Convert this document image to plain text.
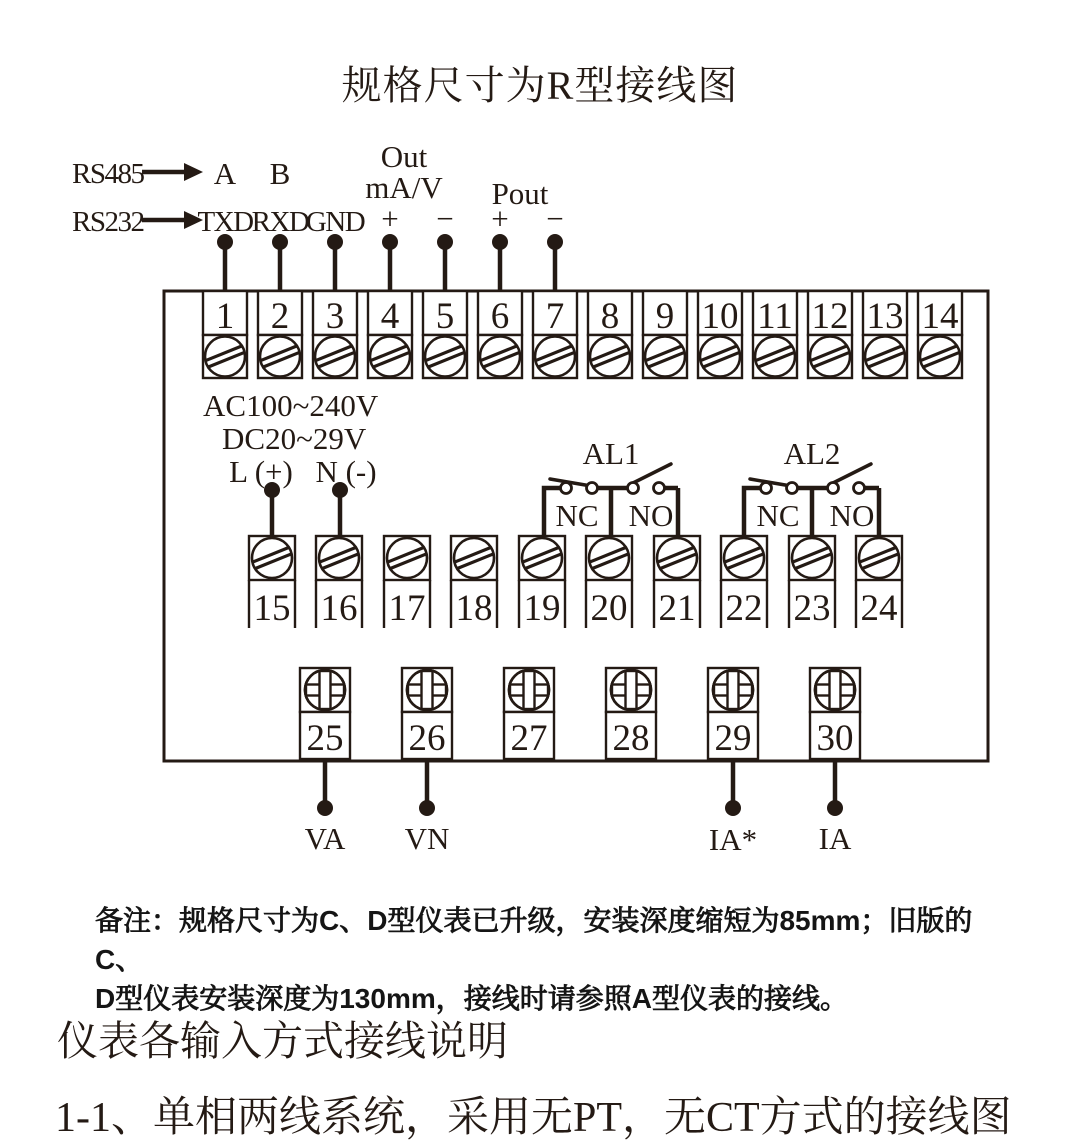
规格尺寸为R型接线图
1 2 3 4 5 6 7 8 9 10 11 12 13 14
15 16 17 18 19 20 21 22 23 24
25 26 27 28 29 30
RS485
RS232
A B
TXD RXD
GND + − + −
Out
mA/V Pout
AC100~240V
DC20~29V
L (+) N (-)
AL1	AL2
NC NO	NC NO
VA VN	IA* IA
备注：规格尺寸为C、D型仪表已升级，安装深度缩短为85mm；旧版的C、
D型仪表安装深度为130mm，接线时请参照A型仪表的接线。
仪表各输入方式接线说明
1-1、单相两线系统，采用无PT，无CT方式的接线图
